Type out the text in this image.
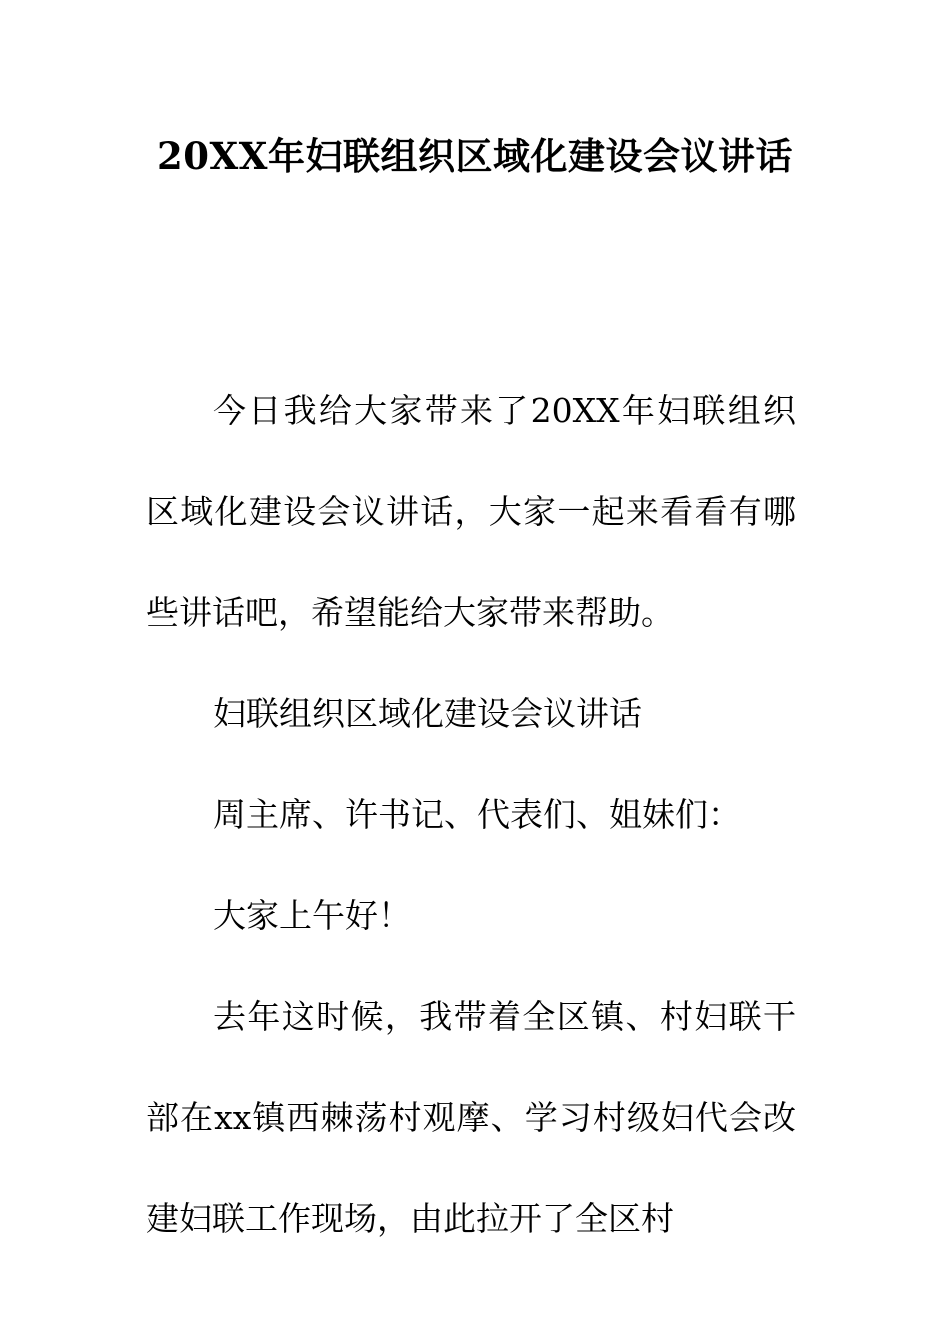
20XX年妇联组织区域化建设会议讲话

今日我给大家带来了20XX年妇联组织区域化建设会议讲话，大家一起来看看有哪些讲话吧，希望能给大家带来帮助。

妇联组织区域化建设会议讲话

周主席、许书记、代表们、姐妹们：

大家上午好！

去年这时候，我带着全区镇、村妇联干部在xx镇西棘荡村观摩、学习村级妇代会改建妇联工作现场，由此拉开了全区村
